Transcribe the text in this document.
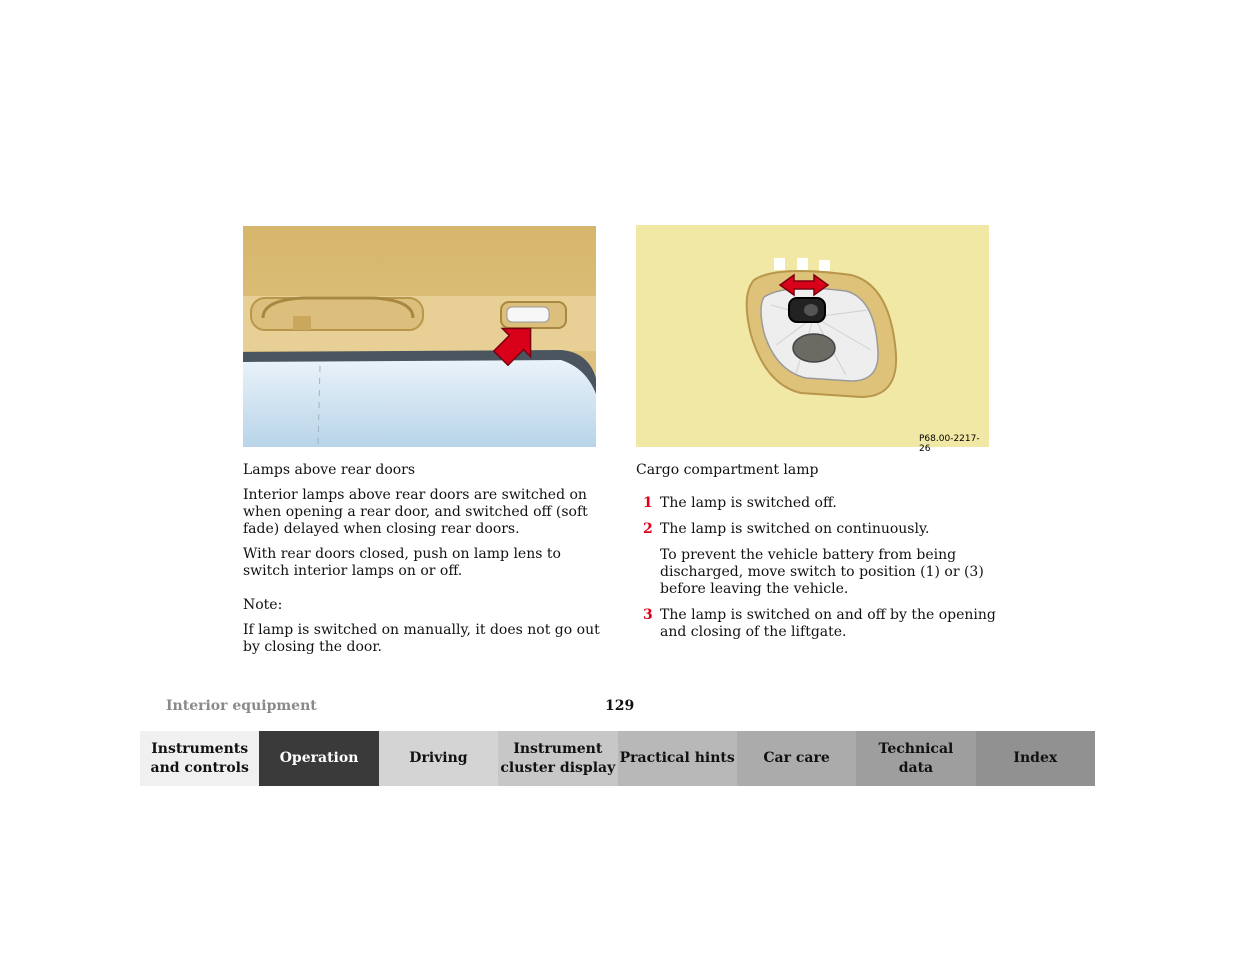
P68.00-2217-26
Lamps above rear doors
Interior lamps above rear doors are switched on when opening a rear door, and switched off (soft fade) delayed when closing rear doors.
With rear doors closed, push on lamp lens to switch interior lamps on or off.
Note:
If lamp is switched on manually, it does not go out by closing the door.
Cargo compartment lamp
1 The lamp is switched off.
2 The lamp is switched on continuously.
To prevent the vehicle battery from being discharged, move switch to position (1) or (3) before leaving the vehicle.
3 The lamp is switched on and off by the opening and closing of the liftgate.
Interior equipment	129
Instruments
and controls
Operation	Driving
Instrument
cluster display
Practical hints	Car care
Technical
data
Index
